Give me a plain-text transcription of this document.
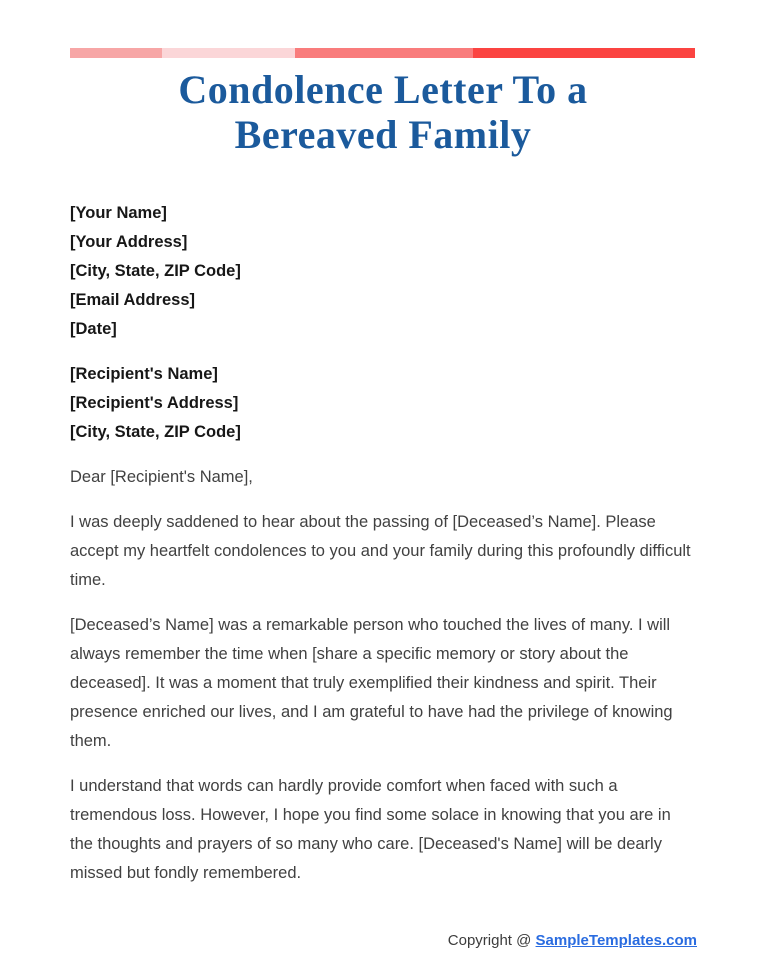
Condolence Letter To a
Bereaved Family

[Your Name]

[Your Address]

[City, State, ZIP Code]

[Email Address]

[Date]

[Recipient's Name]

[Recipient's Address]

[City, State, ZIP Code]

Dear [Recipient's Name],

I was deeply saddened to hear about the passing of [Deceased’s Name]. Please accept my heartfelt condolences to you and your family during this profoundly difficult time.

[Deceased’s Name] was a remarkable person who touched the lives of many. I will always remember the time when [share a specific memory or story about the deceased]. It was a moment that truly exemplified their kindness and spirit. Their presence enriched our lives, and I am grateful to have had the privilege of knowing them.

I understand that words can hardly provide comfort when faced with such a tremendous loss. However, I hope you find some solace in knowing that you are in the thoughts and prayers of so many who care. [Deceased's Name] will be dearly missed but fondly remembered.

Copyright @ SampleTemplates.com
